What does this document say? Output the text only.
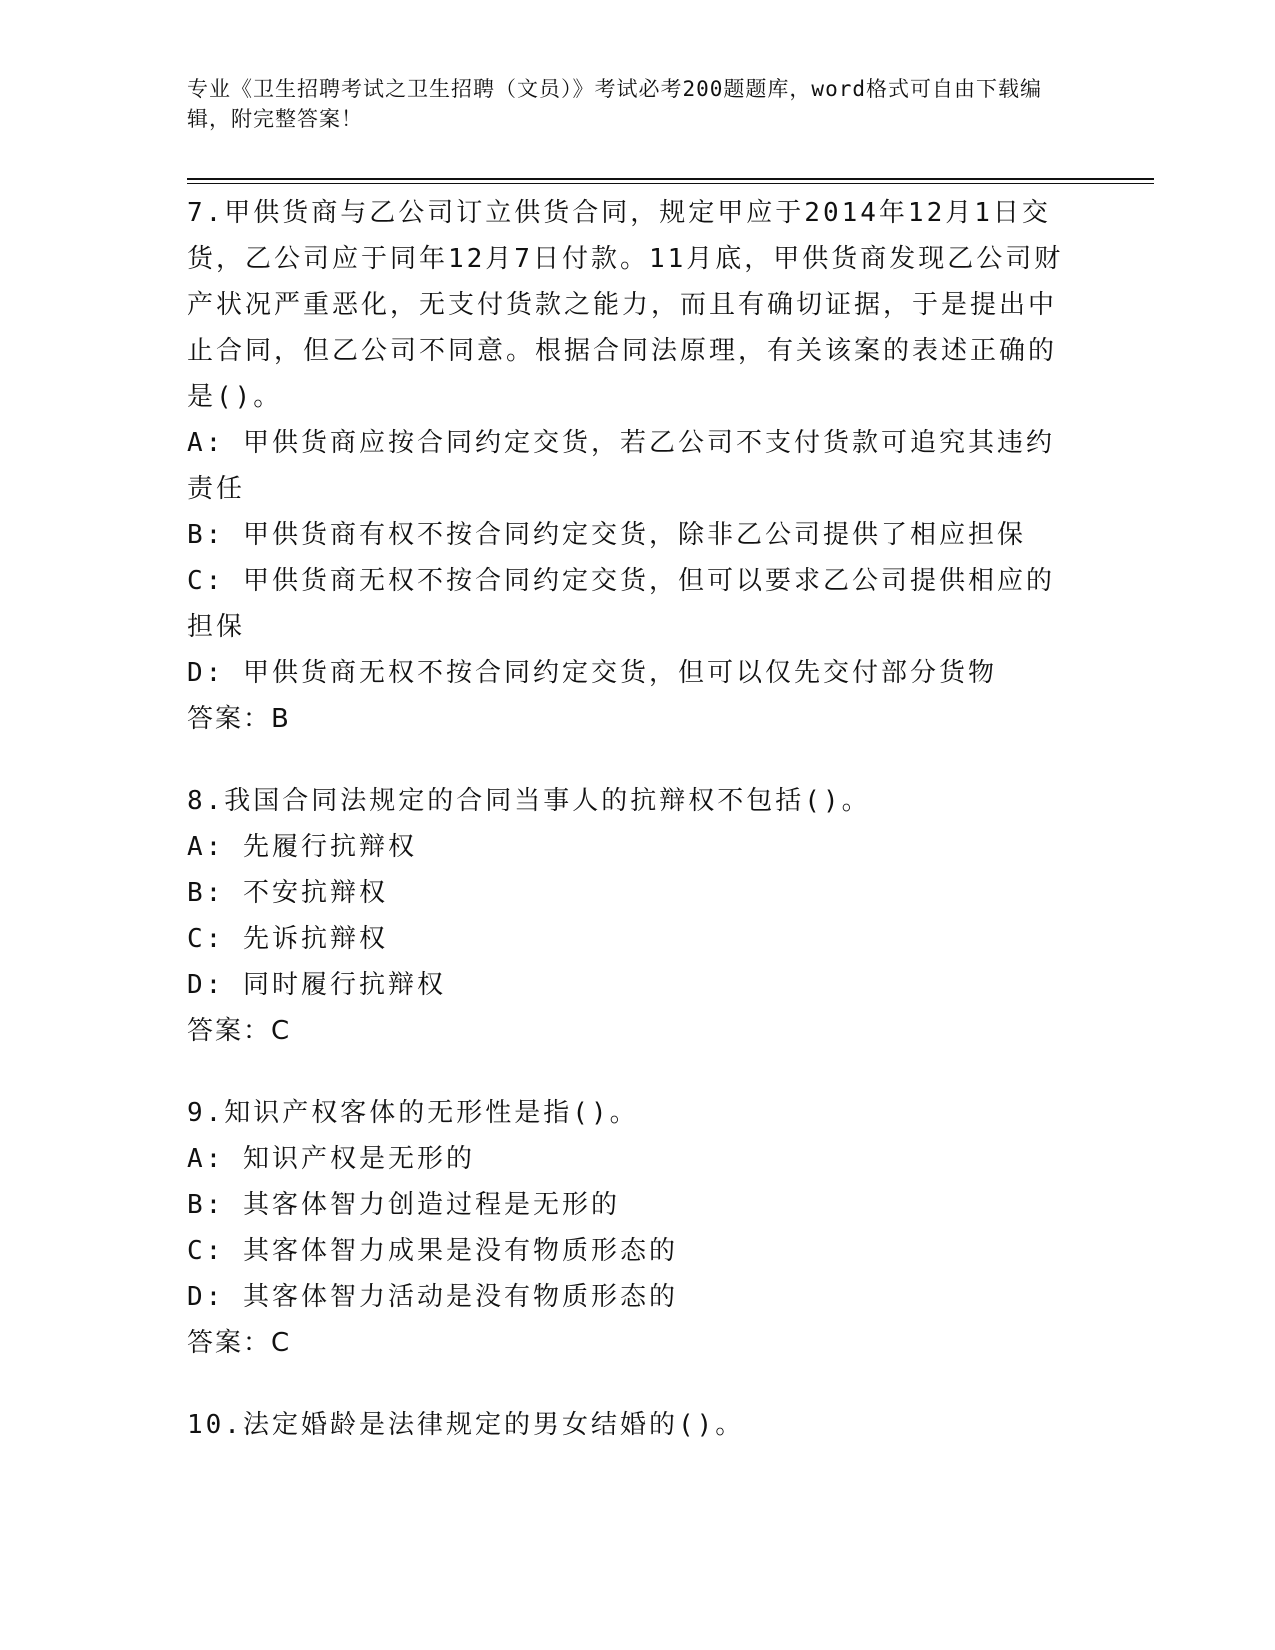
专业《卫生招聘考试之卫生招聘（文员）》考试必考200题题库，word格式可自由下载编辑，附完整答案！
7.甲供货商与乙公司订立供货合同，规定甲应于2014年12月1日交货，乙公司应于同年12月7日付款。11月底，甲供货商发现乙公司财产状况严重恶化，无支付货款之能力，而且有确切证据，于是提出中止合同，但乙公司不同意。根据合同法原理，有关该案的表述正确的是()。
A: 甲供货商应按合同约定交货，若乙公司不支付货款可追究其违约责任
B: 甲供货商有权不按合同约定交货，除非乙公司提供了相应担保
C: 甲供货商无权不按合同约定交货，但可以要求乙公司提供相应的担保
D: 甲供货商无权不按合同约定交货，但可以仅先交付部分货物
答案：B
8.我国合同法规定的合同当事人的抗辩权不包括()。
A: 先履行抗辩权
B: 不安抗辩权
C: 先诉抗辩权
D: 同时履行抗辩权
答案：C
9.知识产权客体的无形性是指()。
A: 知识产权是无形的
B: 其客体智力创造过程是无形的
C: 其客体智力成果是没有物质形态的
D: 其客体智力活动是没有物质形态的
答案：C
10.法定婚龄是法律规定的男女结婚的()。
